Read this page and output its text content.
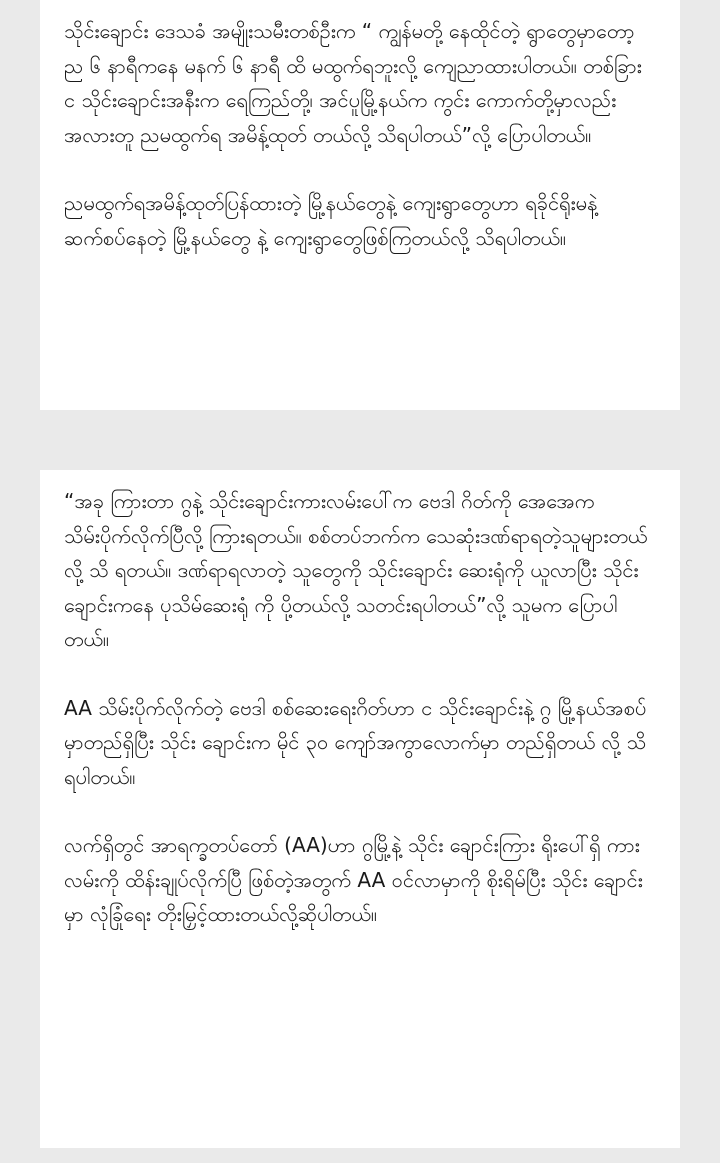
သိုင်းချောင်း ဒေသခံ အမျိုးသမီးတစ်ဦးက “ ကျွန်မတို့ နေထိုင်တဲ့ ရွာတွေမှာတော့ ည ၆ နာရီကနေ မနက် ၆ နာရီ ထိ မထွက်ရဘူးလို့ ကျေညာထားပါတယ်။ တစ်ခြား င သိုင်းချောင်းအနီးက ရေကြည်တို့၊ အင်ပူမြို့နယ်က ကွင်း ကောက်တို့မှာလည်း အလားတူ ညမထွက်ရ အမိန့်ထုတ် တယ်လို့ သိရပါတယ်”လို့ ပြောပါတယ်။

ညမထွက်ရအမိန့်ထုတ်ပြန်ထားတဲ့ မြို့နယ်တွေနဲ့ ကျေးရွာတွေဟာ ရခိုင်ရိုးမနဲ့ ဆက်စပ်နေတဲ့ မြို့နယ်တွေ နဲ့ ကျေးရွာတွေဖြစ်ကြတယ်လို့ သိရပါတယ်။

“အခု ကြားတာ ဂွနဲ့ သိုင်းချောင်းကားလမ်းပေါ်က ဗေဒါ ဂိတ်ကို အေအေက သိမ်းပိုက်လိုက်ပြီလို့ ကြားရတယ်။ စစ်တပ်ဘက်က သေဆုံးဒဏ်ရာရတဲ့သူများတယ်လို့ သိ ရတယ်။ ဒဏ်ရာရလာတဲ့ သူတွေကို သိုင်းချောင်း ဆေးရုံကို ယူလာပြီး သိုင်းချောင်းကနေ ပုသိမ်ဆေးရုံ ကို ပို့တယ်လို့ သတင်းရပါတယ်”လို့ သူမက ပြောပါ တယ်။

AA သိမ်းပိုက်လိုက်တဲ့ ဗေဒါ စစ်ဆေးရေးဂိတ်ဟာ င သိုင်းချောင်းနဲ့ ဂွ မြို့နယ်အစပ်မှာတည်ရှိပြီး သိုင်း ချောင်းက မိုင် ၃၀ ကျော်အကွာလောက်မှာ တည်ရှိတယ် လို့ သိရပါတယ်။

လက်ရှိတွင် အာရက္ခတပ်တော် (AA)ဟာ ဂွမြို့နဲ့ သိုင်း ချောင်းကြား ရိုးပေါ်ရှိ ကားလမ်းကို ထိန်းချုပ်လိုက်ပြီ ဖြစ်တဲ့အတွက် AA ဝင်လာမှာကို စိုးရိမ်ပြီး သိုင်း ချောင်းမှာ လုံခြုံရေး တိုးမြှင့်ထားတယ်လို့ဆိုပါတယ်။
